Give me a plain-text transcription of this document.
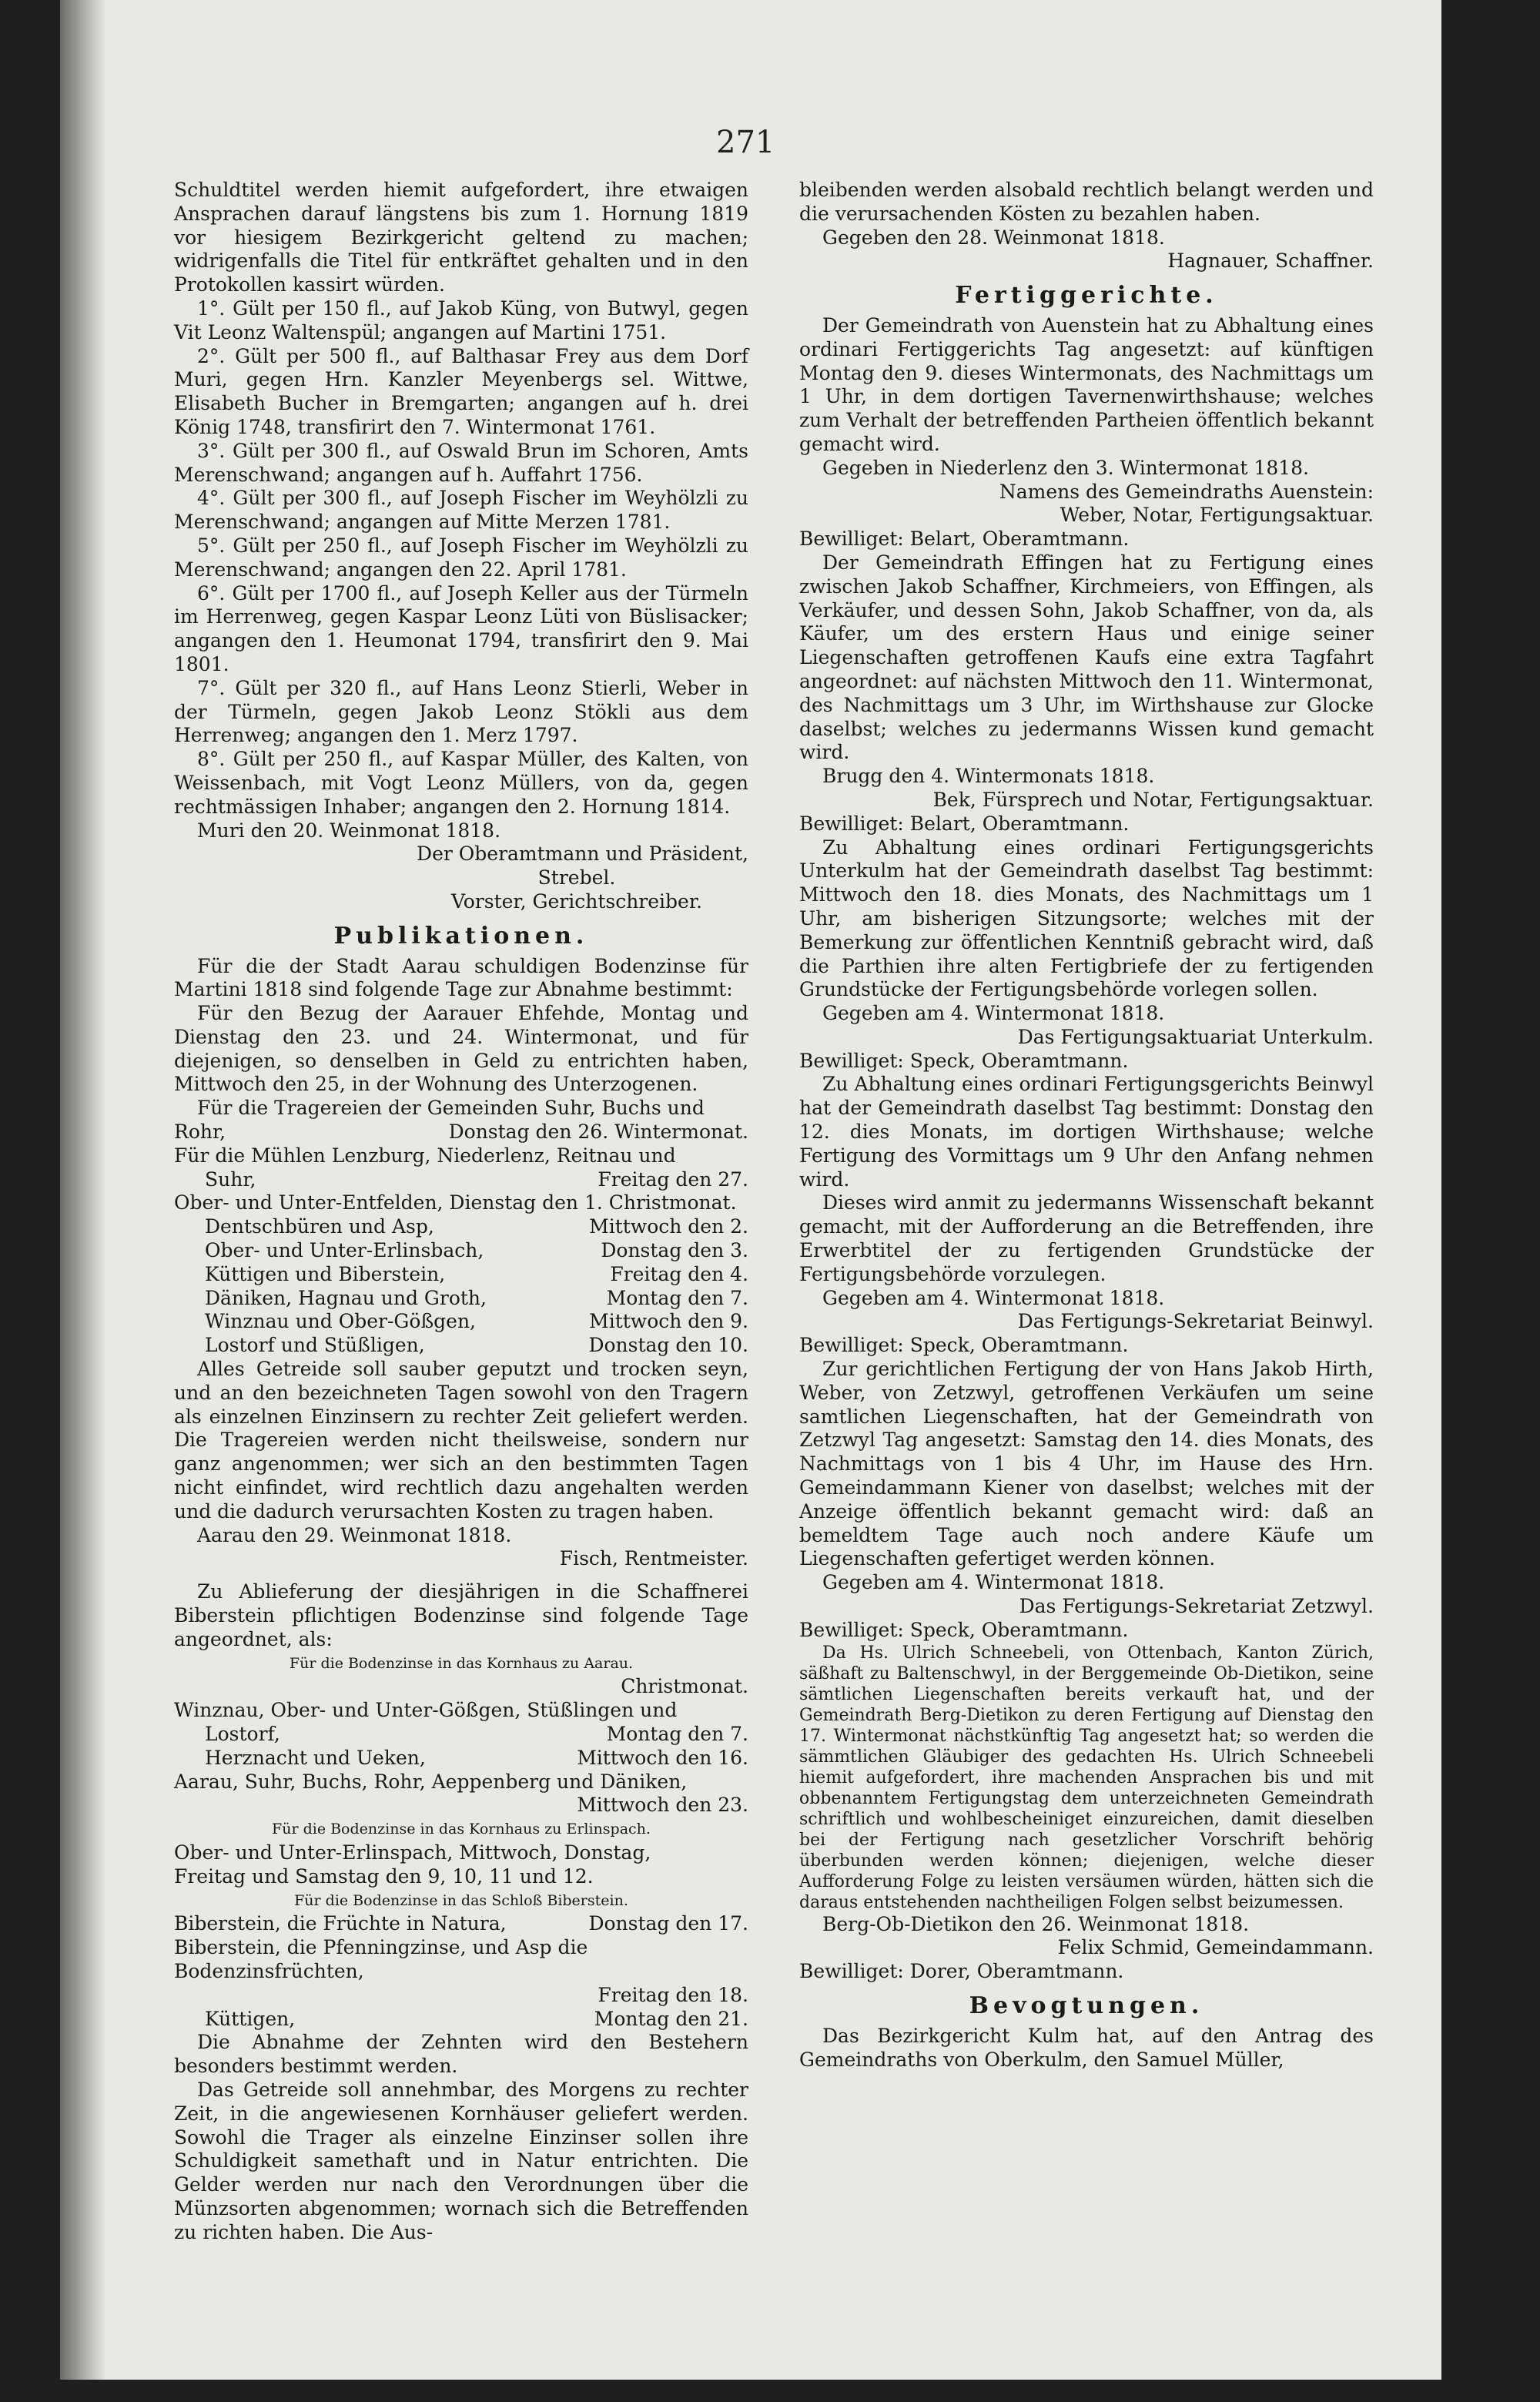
271

Schuldtitel werden hiemit aufgefordert, ihre etwaigen Ansprachen darauf längstens bis zum 1. Hornung 1819 vor hiesigem Bezirkgericht geltend zu machen; widrigenfalls die Titel für entkräftet gehalten und in den Protokollen kassirt würden.

1°. Gült per 150 fl., auf Jakob Küng, von Butwyl, gegen Vit Leonz Waltenspül; angangen auf Martini 1751.

2°. Gült per 500 fl., auf Balthasar Frey aus dem Dorf Muri, gegen Hrn. Kanzler Meyenbergs sel. Wittwe, Elisabeth Bucher in Bremgarten; angangen auf h. drei König 1748, transfirirt den 7. Wintermonat 1761.

3°. Gült per 300 fl., auf Oswald Brun im Schoren, Amts Merenschwand; angangen auf h. Auffahrt 1756.

4°. Gült per 300 fl., auf Joseph Fischer im Weyhölzli zu Merenschwand; angangen auf Mitte Merzen 1781.

5°. Gült per 250 fl., auf Joseph Fischer im Weyhölzli zu Merenschwand; angangen den 22. April 1781.

6°. Gült per 1700 fl., auf Joseph Keller aus der Türmeln im Herrenweg, gegen Kaspar Leonz Lüti von Büslisacker; angangen den 1. Heumonat 1794, transfirirt den 9. Mai 1801.

7°. Gült per 320 fl., auf Hans Leonz Stierli, Weber in der Türmeln, gegen Jakob Leonz Stökli aus dem Herrenweg; angangen den 1. Merz 1797.

8°. Gült per 250 fl., auf Kaspar Müller, des Kalten, von Weissenbach, mit Vogt Leonz Müllers, von da, gegen rechtmässigen Inhaber; angangen den 2. Hornung 1814.

Muri den 20. Weinmonat 1818.

Der Oberamtmann und Präsident,

Strebel.

Vorster, Gerichtschreiber.

Publikationen.

Für die der Stadt Aarau schuldigen Bodenzinse für Martini 1818 sind folgende Tage zur Abnahme bestimmt:

Für den Bezug der Aarauer Ehfehde, Montag und Dienstag den 23. und 24. Wintermonat, und für diejenigen, so denselben in Geld zu entrichten haben, Mittwoch den 25, in der Wohnung des Unterzogenen.

Für die Tragereien der Gemeinden Suhr, Buchs und

Rohr,	Donstag den 26. Wintermonat.
Für die Mühlen Lenzburg, Niederlenz, Reitnau und
Suhr,	Freitag den 27.
Ober- und Unter-Entfelden, Dienstag den 1. Christmonat.
Dentschbüren und Asp,	Mittwoch den 2.
Ober- und Unter-Erlinsbach,	Donstag den 3.
Küttigen und Biberstein,	Freitag den 4.
Däniken, Hagnau und Groth,	Montag den 7.
Winznau und Ober-Gößgen,	Mittwoch den 9.
Lostorf und Stüßligen,	Donstag den 10.

Alles Getreide soll sauber geputzt und trocken seyn, und an den bezeichneten Tagen sowohl von den Tragern als einzelnen Einzinsern zu rechter Zeit geliefert werden. Die Tragereien werden nicht theilsweise, sondern nur ganz angenommen; wer sich an den bestimmten Tagen nicht einfindet, wird rechtlich dazu angehalten werden und die dadurch verursachten Kosten zu tragen haben.

Aarau den 29. Weinmonat 1818.

Fisch, Rentmeister.

Zu Ablieferung der diesjährigen in die Schaffnerei Biberstein pflichtigen Bodenzinse sind folgende Tage angeordnet, als:

Für die Bodenzinse in das Kornhaus zu Aarau.

Christmonat.

Winznau, Ober- und Unter-Gößgen, Stüßlingen und
Lostorf,	Montag den 7.
Herznacht und Ueken,	Mittwoch den 16.
Aarau, Suhr, Buchs, Rohr, Aeppenberg und Däniken,
Mittwoch den 23.

Für die Bodenzinse in das Kornhaus zu Erlinspach.

Ober- und Unter-Erlinspach, Mittwoch, Donstag,
Freitag und Samstag den 9, 10, 11 und 12.

Für die Bodenzinse in das Schloß Biberstein.

Biberstein, die Früchte in Natura,	Donstag den 17.
Biberstein, die Pfenningzinse, und Asp die Bodenzinsfrüchten,
Freitag den 18.
Küttigen,	Montag den 21.

Die Abnahme der Zehnten wird den Bestehern besonders bestimmt werden.

Das Getreide soll annehmbar, des Morgens zu rechter Zeit, in die angewiesenen Kornhäuser geliefert werden. Sowohl die Trager als einzelne Einzinser sollen ihre Schuldigkeit samethaft und in Natur entrichten. Die Gelder werden nur nach den Verordnungen über die Münzsorten abgenommen; wornach sich die Betreffenden zu richten haben. Die Aus-

bleibenden werden alsobald rechtlich belangt werden und die verursachenden Kösten zu bezahlen haben.

Gegeben den 28. Weinmonat 1818.

Hagnauer, Schaffner.

Fertiggerichte.

Der Gemeindrath von Auenstein hat zu Abhaltung eines ordinari Fertiggerichts Tag angesetzt: auf künftigen Montag den 9. dieses Wintermonats, des Nachmittags um 1 Uhr, in dem dortigen Tavernenwirthshause; welches zum Verhalt der betreffenden Partheien öffentlich bekannt gemacht wird.

Gegeben in Niederlenz den 3. Wintermonat 1818.

Namens des Gemeindraths Auenstein:

Weber, Notar, Fertigungsaktuar.

Bewilliget: Belart, Oberamtmann.

Der Gemeindrath Effingen hat zu Fertigung eines zwischen Jakob Schaffner, Kirchmeiers, von Effingen, als Verkäufer, und dessen Sohn, Jakob Schaffner, von da, als Käufer, um des erstern Haus und einige seiner Liegenschaften getroffenen Kaufs eine extra Tagfahrt angeordnet: auf nächsten Mittwoch den 11. Wintermonat, des Nachmittags um 3 Uhr, im Wirthshause zur Glocke daselbst; welches zu jedermanns Wissen kund gemacht wird.

Brugg den 4. Wintermonats 1818.

Bek, Fürsprech und Notar, Fertigungsaktuar.

Bewilliget: Belart, Oberamtmann.

Zu Abhaltung eines ordinari Fertigungsgerichts Unterkulm hat der Gemeindrath daselbst Tag bestimmt: Mittwoch den 18. dies Monats, des Nachmittags um 1 Uhr, am bisherigen Sitzungsorte; welches mit der Bemerkung zur öffentlichen Kenntniß gebracht wird, daß die Parthien ihre alten Fertigbriefe der zu fertigenden Grundstücke der Fertigungsbehörde vorlegen sollen.

Gegeben am 4. Wintermonat 1818.

Das Fertigungsaktuariat Unterkulm.

Bewilliget: Speck, Oberamtmann.

Zu Abhaltung eines ordinari Fertigungsgerichts Beinwyl hat der Gemeindrath daselbst Tag bestimmt: Donstag den 12. dies Monats, im dortigen Wirthshause; welche Fertigung des Vormittags um 9 Uhr den Anfang nehmen wird.

Dieses wird anmit zu jedermanns Wissenschaft bekannt gemacht, mit der Aufforderung an die Betreffenden, ihre Erwerbtitel der zu fertigenden Grundstücke der Fertigungsbehörde vorzulegen.

Gegeben am 4. Wintermonat 1818.

Das Fertigungs-Sekretariat Beinwyl.

Bewilliget: Speck, Oberamtmann.

Zur gerichtlichen Fertigung der von Hans Jakob Hirth, Weber, von Zetzwyl, getroffenen Verkäufen um seine samtlichen Liegenschaften, hat der Gemeindrath von Zetzwyl Tag angesetzt: Samstag den 14. dies Monats, des Nachmittags von 1 bis 4 Uhr, im Hause des Hrn. Gemeindammann Kiener von daselbst; welches mit der Anzeige öffentlich bekannt gemacht wird: daß an bemeldtem Tage auch noch andere Käufe um Liegenschaften gefertiget werden können.

Gegeben am 4. Wintermonat 1818.

Das Fertigungs-Sekretariat Zetzwyl.

Bewilliget: Speck, Oberamtmann.

Da Hs. Ulrich Schneebeli, von Ottenbach, Kanton Zürich, säßhaft zu Baltenschwyl, in der Berggemeinde Ob-Dietikon, seine sämtlichen Liegenschaften bereits verkauft hat, und der Gemeindrath Berg-Dietikon zu deren Fertigung auf Dienstag den 17. Wintermonat nächstkünftig Tag angesetzt hat; so werden die sämmtlichen Gläubiger des gedachten Hs. Ulrich Schneebeli hiemit aufgefordert, ihre machenden Ansprachen bis und mit obbenanntem Fertigungstag dem unterzeichneten Gemeindrath schriftlich und wohlbescheiniget einzureichen, damit dieselben bei der Fertigung nach gesetzlicher Vorschrift behörig überbunden werden können; diejenigen, welche dieser Aufforderung Folge zu leisten versäumen würden, hätten sich die daraus entstehenden nachtheiligen Folgen selbst beizumessen.

Berg-Ob-Dietikon den 26. Weinmonat 1818.

Felix Schmid, Gemeindammann.

Bewilliget: Dorer, Oberamtmann.

Bevogtungen.

Das Bezirkgericht Kulm hat, auf den Antrag des Gemeindraths von Oberkulm, den Samuel Müller,
